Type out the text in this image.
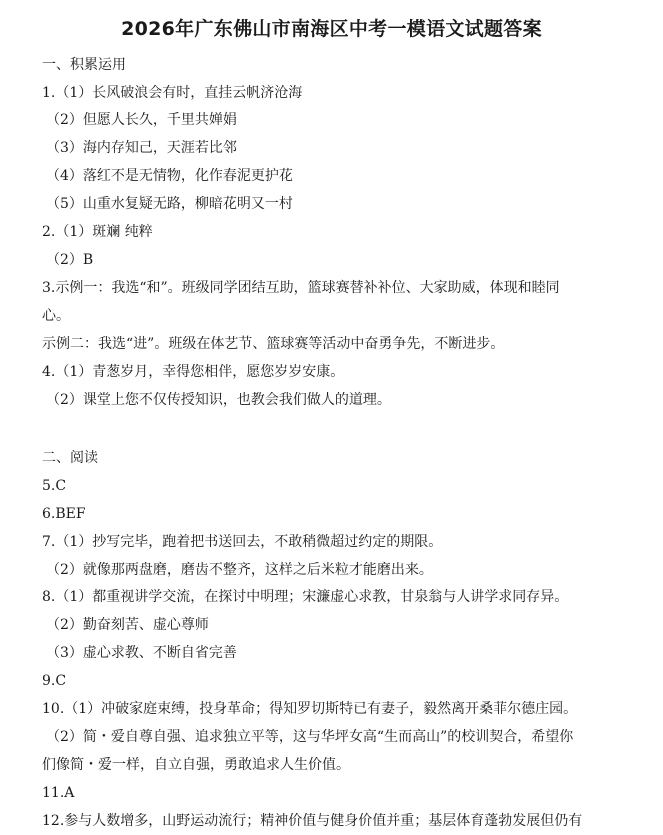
2026年广东佛山市南海区中考一模语文试题答案
一、积累运用
1.（1）长风破浪会有时，直挂云帆济沧海
（2）但愿人长久，千里共婵娟
（3）海内存知己，天涯若比邻
（4）落红不是无情物，化作春泥更护花
（5）山重水复疑无路，柳暗花明又一村
2.（1）斑斓 纯粹
（2）B
3.示例一：我选“和”。班级同学团结互助，篮球赛替补补位、大家助威，体现和睦同
心。
示例二：我选“进”。班级在体艺节、篮球赛等活动中奋勇争先，不断进步。
4.（1）青葱岁月，幸得您相伴，愿您岁岁安康。
（2）课堂上您不仅传授知识，也教会我们做人的道理。
二、阅读
5.C
6.BEF
7.（1）抄写完毕，跑着把书送回去，不敢稍微超过约定的期限。
（2）就像那两盘磨，磨齿不整齐，这样之后米粒才能磨出来。
8.（1）都重视讲学交流，在探讨中明理；宋濂虚心求教，甘泉翁与人讲学求同存异。
（2）勤奋刻苦、虚心尊师
（3）虚心求教、不断自省完善
9.C
10.（1）冲破家庭束缚，投身革命；得知罗切斯特已有妻子，毅然离开桑菲尔德庄园。
（2）简・爱自尊自强、追求独立平等，这与华坪女高“生而高山”的校训契合，希望你
们像简・爱一样，自立自强，勇敢追求人生价值。
11.A
12.参与人数增多，山野运动流行；精神价值与健身价值并重；基层体育蓬勃发展但仍有
